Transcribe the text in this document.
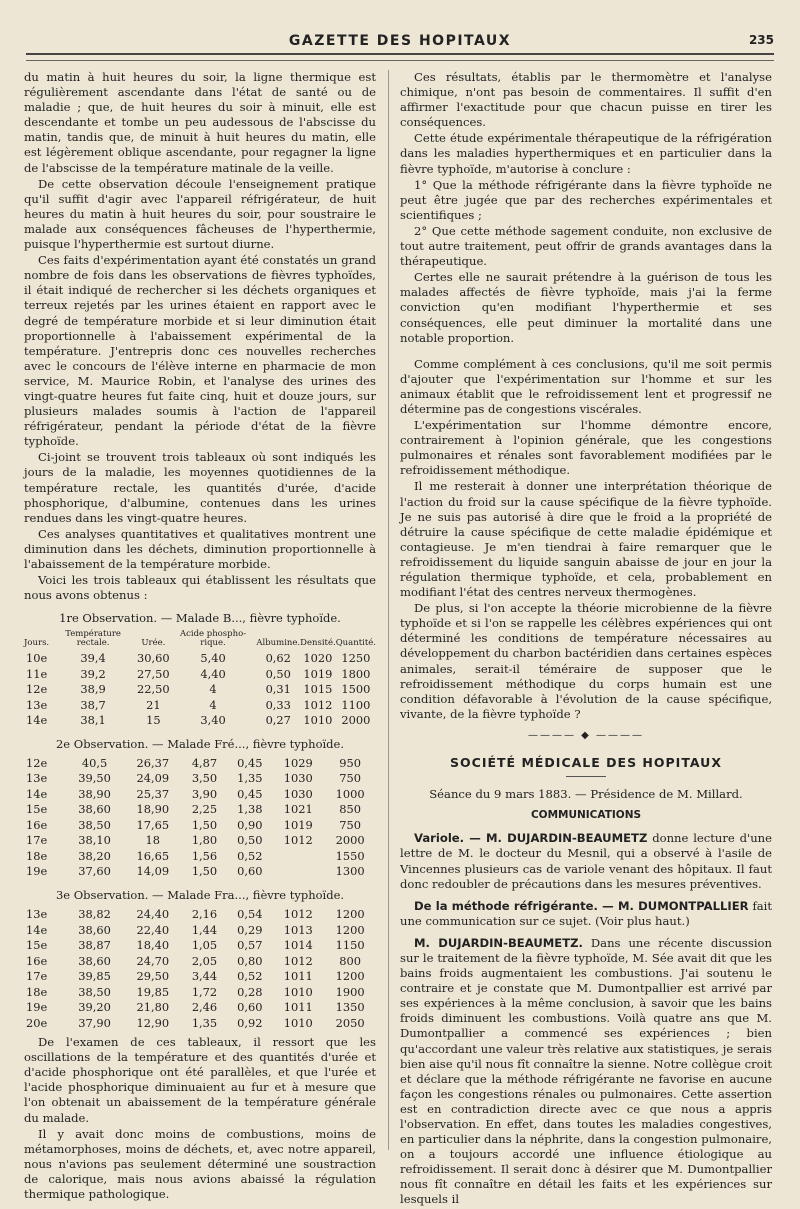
GAZETTE DES HOPITAUX	235

du matin à huit heures du soir, la ligne thermique est régulièrement ascendante dans l'état de santé ou de maladie ; que, de huit heures du soir à minuit, elle est descendante et tombe un peu audessous de l'abscisse du matin, tandis que, de minuit à huit heures du matin, elle est légèrement oblique ascendante, pour regagner la ligne de l'abscisse de la température matinale de la veille.

De cette observation découle l'enseignement pratique qu'il suffit d'agir avec l'appareil réfrigérateur, de huit heures du matin à huit heures du soir, pour soustraire le malade aux conséquences fâcheuses de l'hyperthermie, puisque l'hyperthermie est surtout diurne.

Ces faits d'expérimentation ayant été constatés un grand nombre de fois dans les observations de fièvres typhoïdes, il était indiqué de rechercher si les déchets organiques et terreux rejetés par les urines étaient en rapport avec le degré de température morbide et si leur diminution était proportionnelle à l'abaissement expérimental de la température. J'entrepris donc ces nouvelles recherches avec le concours de l'élève interne en pharmacie de mon service, M. Maurice Robin, et l'analyse des urines des vingt-quatre heures fut faite cinq, huit et douze jours, sur plusieurs malades soumis à l'action de l'appareil réfrigérateur, pendant la période d'état de la fièvre typhoïde.

Ci-joint se trouvent trois tableaux où sont indiqués les jours de la maladie, les moyennes quotidiennes de la température rectale, les quantités d'urée, d'acide phosphorique, d'albumine, contenues dans les urines rendues dans les vingt-quatre heures.

Ces analyses quantitatives et qualitatives montrent une diminution dans les déchets, diminution proportionnelle à l'abaissement de la température morbide.

Voici les trois tableaux qui établissent les résultats que nous avons obtenus :

1re Observation. — Malade B..., fièvre typhoïde.
Jours.	Température rectale.	Urée.	Acide phospho-rique.	Albumine.	Densité.	Quantité.
10e	39,4	30,60	5,40	0,62	1020	1250
11e	39,2	27,50	4,40	0,50	1019	1800
12e	38,9	22,50	4	0,31	1015	1500
13e	38,7	21	4	0,33	1012	1100
14e	38,1	15	3,40	0,27	1010	2000
2e Observation. — Malade Fré..., fièvre typhoïde.
12e	40,5	26,37	4,87	0,45	1029	950
13e	39,50	24,09	3,50	1,35	1030	750
14e	38,90	25,37	3,90	0,45	1030	1000
15e	38,60	18,90	2,25	1,38	1021	850
16e	38,50	17,65	1,50	0,90	1019	750
17e	38,10	18	1,80	0,50	1012	2000
18e	38,20	16,65	1,56	0,52		1550
19e	37,60	14,09	1,50	0,60		1300
3e Observation. — Malade Fra..., fièvre typhoïde.
13e	38,82	24,40	2,16	0,54	1012	1200
14e	38,60	22,40	1,44	0,29	1013	1200
15e	38,87	18,40	1,05	0,57	1014	1150
16e	38,60	24,70	2,05	0,80	1012	800
17e	39,85	29,50	3,44	0,52	1011	1200
18e	38,50	19,85	1,72	0,28	1010	1900
19e	39,20	21,80	2,46	0,60	1011	1350
20e	37,90	12,90	1,35	0,92	1010	2050

De l'examen de ces tableaux, il ressort que les oscillations de la température et des quantités d'urée et d'acide phosphorique ont été parallèles, et que l'urée et l'acide phosphorique diminuaient au fur et à mesure que l'on obtenait un abaissement de la température générale du malade.

Il y avait donc moins de combustions, moins de métamorphoses, moins de déchets, et, avec notre appareil, nous n'avions pas seulement déterminé une soustraction de calorique, mais nous avions abaissé la régulation thermique pathologique.

Ces résultats, établis par le thermomètre et l'analyse chimique, n'ont pas besoin de commentaires. Il suffit d'en affirmer l'exactitude pour que chacun puisse en tirer les conséquences.

Cette étude expérimentale thérapeutique de la réfrigération dans les maladies hyperthermiques et en particulier dans la fièvre typhoïde, m'autorise à conclure :

1° Que la méthode réfrigérante dans la fièvre typhoïde ne peut être jugée que par des recherches expérimentales et scientifiques ;

2° Que cette méthode sagement conduite, non exclusive de tout autre traitement, peut offrir de grands avantages dans la thérapeutique.

Certes elle ne saurait prétendre à la guérison de tous les malades affectés de fièvre typhoïde, mais j'ai la ferme conviction qu'en modifiant l'hyperthermie et ses conséquences, elle peut diminuer la mortalité dans une notable proportion.

Comme complément à ces conclusions, qu'il me soit permis d'ajouter que l'expérimentation sur l'homme et sur les animaux établit que le refroidissement lent et progressif ne détermine pas de congestions viscérales.

L'expérimentation sur l'homme démontre encore, contrairement à l'opinion générale, que les congestions pulmonaires et rénales sont favorablement modifiées par le refroidissement méthodique.

Il me resterait à donner une interprétation théorique de l'action du froid sur la cause spécifique de la fièvre typhoïde. Je ne suis pas autorisé à dire que le froid a la propriété de détruire la cause spécifique de cette maladie épidémique et contagieuse. Je m'en tiendrai à faire remarquer que le refroidissement du liquide sanguin abaisse de jour en jour la régulation thermique typhoïde, et cela, probablement en modifiant l'état des centres nerveux thermogènes.

De plus, si l'on accepte la théorie microbienne de la fièvre typhoïde et si l'on se rappelle les célèbres expériences qui ont déterminé les conditions de température nécessaires au développement du charbon bactéridien dans certaines espèces animales, serait-il téméraire de supposer que le refroidissement méthodique du corps humain est une condition défavorable à l'évolution de la cause spécifique, vivante, de la fièvre typhoïde ?

———— ◆ ————
SOCIÉTÉ MÉDICALE DES HOPITAUX

Séance du 9 mars 1883. — Présidence de M. Millard.

COMMUNICATIONS

Variole. — M. DUJARDIN-BEAUMETZ donne lecture d'une lettre de M. le docteur du Mesnil, qui a observé à l'asile de Vincennes plusieurs cas de variole venant des hôpitaux. Il faut donc redoubler de précautions dans les mesures préventives.

De la méthode réfrigérante. — M. DUMONTPALLIER fait une communication sur ce sujet. (Voir plus haut.)

M. DUJARDIN-BEAUMETZ. Dans une récente discussion sur le traitement de la fièvre typhoïde, M. Sée avait dit que les bains froids augmentaient les combustions. J'ai soutenu le contraire et je constate que M. Dumontpallier est arrivé par ses expériences à la même conclusion, à savoir que les bains froids diminuent les combustions. Voilà quatre ans que M. Dumontpallier a commencé ses expériences ; bien qu'accordant une valeur très relative aux statistiques, je serais bien aise qu'il nous fît connaître la sienne. Notre collègue croit et déclare que la méthode réfrigérante ne favorise en aucune façon les congestions rénales ou pulmonaires. Cette assertion est en contradiction directe avec ce que nous a appris l'observation. En effet, dans toutes les maladies congestives, en particulier dans la néphrite, dans la congestion pulmonaire, on a toujours accordé une influence étiologique au refroidissement. Il serait donc à désirer que M. Dumontpallier nous fît connaître en détail les faits et les expériences sur lesquels il
